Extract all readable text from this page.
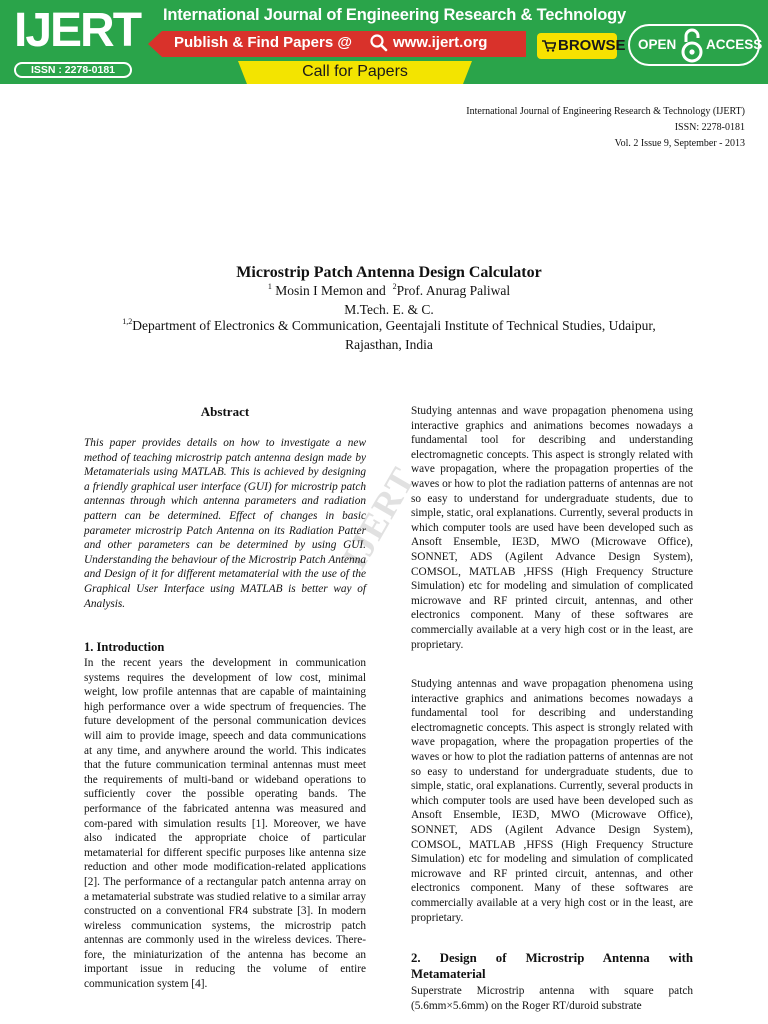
IJERT
ISSN : 2278-0181
International Journal of Engineering Research & Technology
Publish & Find Papers @	www.ijert.org	BROWSE OPEN ACCESS
Call for Papers
International Journal of Engineering Research & Technology (IJERT)
ISSN: 2278-0181
Vol. 2 Issue 9, September - 2013
Microstrip Patch Antenna Design Calculator
$^1$ Mosin I Memon and $^2$Prof. Anurag Paliwal
M.Tech. E. & C.
$^{1,2}$Department of Electronics & Communication, Geentajali Institute of Technical Studies, Udaipur,
Rajasthan, India
IJERT
Abstract
This paper provides details on how to investigate a new method of teaching microstrip patch antenna design made by Metamaterials using MATLAB. This is achieved by designing a friendly graphical user interface (GUI) for microstrip patch antennas through which antenna parameters and radiation pattern can be determined. Effect of changes in basic parameter microstrip Patch Antenna on its Radiation Patter and other parameters can be determined by using GUI. Understanding the behaviour of the Microstrip Patch Antenna and Design of it for different metamaterial with the use of the Graphical User Interface using MATLAB is better way of Analysis.
1. Introduction
In the recent years the development in communication systems requires the development of low cost, minimal weight, low profile antennas that are capable of maintaining high performance over a wide spectrum of frequencies. The future development of the personal communication devices will aim to provide image, speech and data communications at any time, and anywhere around the world. This indicates that the future communication terminal antennas must meet the requirements of multi-band or wideband operations to sufficiently cover the possible operating bands. The performance of the fabricated antenna was measured and com-pared with simulation results [1]. Moreover, we have also indicated the appropriate choice of particular metamaterial for different specific purposes like antenna size reduction and other mode modification-related applications [2]. The performance of a rectangular patch antenna array on a metamaterial substrate was studied relative to a similar array constructed on a conventional FR4 substrate [3]. In modern wireless communication systems, the microstrip patch antennas are commonly used in the wireless devices. There-fore, the miniaturization of the antenna has become an important issue in reducing the volume of entire communication system [4].
Studying antennas and wave propagation phenomena using interactive graphics and animations becomes nowadays a fundamental tool for describing and understanding electromagnetic concepts. This aspect is strongly related with wave propagation, where the propagation properties of the waves or how to plot the radiation patterns of antennas are not so easy to understand for undergraduate students, due to simple, static, oral explanations. Currently, several products in which computer tools are used have been developed such as Ansoft Ensemble, IE3D, MWO (Microwave Office), SONNET, ADS (Agilent Advance Design System), COMSOL, MATLAB ,HFSS (High Frequency Structure Simulation) etc for modeling and simulation of complicated microwave and RF printed circuit, antennas, and other electronics component. Many of these softwares are commercially available at a very high cost or in the least, are proprietary.
Studying antennas and wave propagation phenomena using interactive graphics and animations becomes nowadays a fundamental tool for describing and understanding electromagnetic concepts. This aspect is strongly related with wave propagation, where the propagation properties of the waves or how to plot the radiation patterns of antennas are not so easy to understand for undergraduate students, due to simple, static, oral explanations. Currently, several products in which computer tools are used have been developed such as Ansoft Ensemble, IE3D, MWO (Microwave Office), SONNET, ADS (Agilent Advance Design System), COMSOL, MATLAB ,HFSS (High Frequency Structure Simulation) etc for modeling and simulation of complicated microwave and RF printed circuit, antennas, and other electronics component. Many of these softwares are commercially available at a very high cost or in the least, are proprietary.
2. Design of Microstrip Antenna with
Metamaterial
Superstrate Microstrip antenna with square patch (5.6mm×5.6mm) on the Roger RT/duroid substrate
